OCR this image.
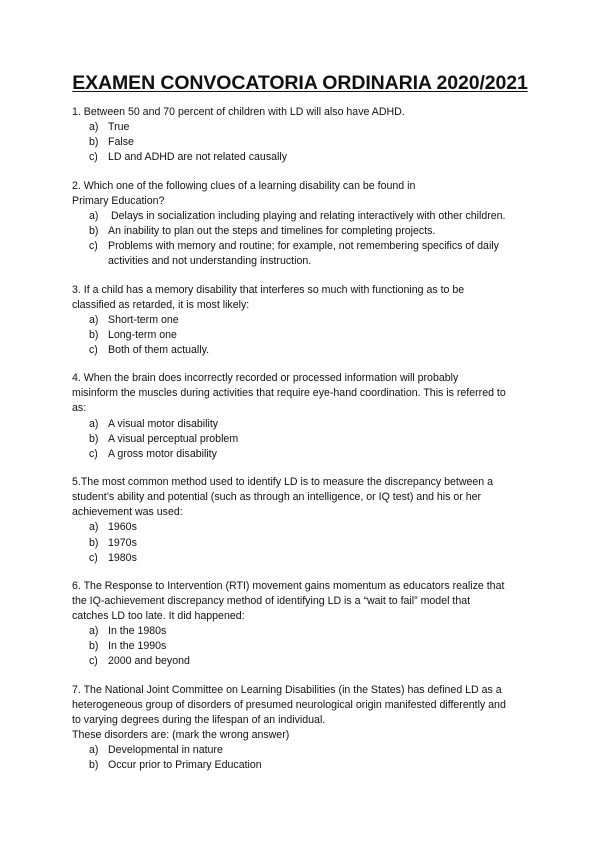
EXAMEN CONVOCATORIA ORDINARIA 2020/2021

1. Between 50 and 70 percent of children with LD will also have ADHD.

a) True
b) False
c) LD and ADHD are not related causally

2. Which one of the following clues of a learning disability can be found in

Primary Education?

a) Delays in socialization including playing and relating interactively with other children.
b) An inability to plan out the steps and timelines for completing projects.
c) Problems with memory and routine; for example, not remembering specifics of daily activities and not understanding instruction.

3. If a child has a memory disability that interferes so much with functioning as to be

classified as retarded, it is most likely:

a) Short-term one
b) Long-term one
c) Both of them actually.

4. When the brain does incorrectly recorded or processed information will probably

misinform the muscles during activities that require eye-hand coordination. This is referred to

as:

a) A visual motor disability
b) A visual perceptual problem
c) A gross motor disability

5.The most common method used to identify LD is to measure the discrepancy between a

student’s ability and potential (such as through an intelligence, or IQ test) and his or her

achievement was used:

a) 1960s
b) 1970s
c) 1980s

6. The Response to Intervention (RTI) movement gains momentum as educators realize that

the IQ-achievement discrepancy method of identifying LD is a “wait to fail” model that

catches LD too late. It did happened:

a) In the 1980s
b) In the 1990s
c) 2000 and beyond

7. The National Joint Committee on Learning Disabilities (in the States) has defined LD as a

heterogeneous group of disorders of presumed neurological origin manifested differently and

to varying degrees during the lifespan of an individual.

These disorders are: (mark the wrong answer)

a) Developmental in nature
b) Occur prior to Primary Education
